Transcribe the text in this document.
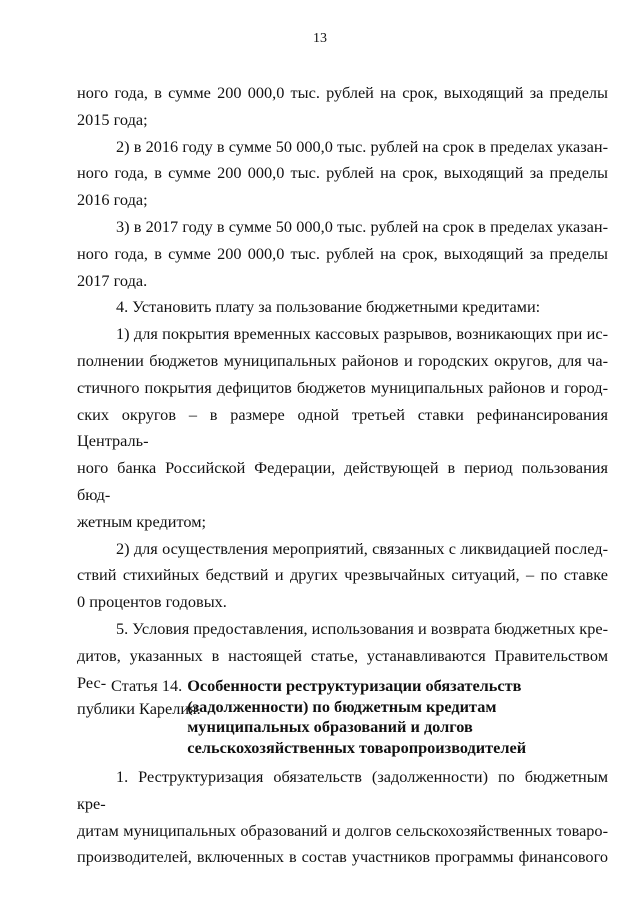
13
ного года, в сумме 200 000,0 тыс. рублей на срок, выходящий за пределы
2015 года;
2) в 2016 году в сумме 50 000,0 тыс. рублей на срок в пределах указан-
ного года, в сумме 200 000,0 тыс. рублей на срок, выходящий за пределы
2016 года;
3) в 2017 году в сумме 50 000,0 тыс. рублей на срок в пределах указан-
ного года, в сумме 200 000,0 тыс. рублей на срок, выходящий за пределы
2017 года.
4. Установить плату за пользование бюджетными кредитами:
1) для покрытия временных кассовых разрывов, возникающих при ис-
полнении бюджетов муниципальных районов и городских округов, для ча-
стичного покрытия дефицитов бюджетов муниципальных районов и город-
ских округов – в размере одной третьей ставки рефинансирования Централь-
ного банка Российской Федерации, действующей в период пользования бюд-
жетным кредитом;
2) для осуществления мероприятий, связанных с ликвидацией послед-
ствий стихийных бедствий и других чрезвычайных ситуаций, – по ставке
0 процентов годовых.
5. Условия предоставления, использования и возврата бюджетных кре-
дитов, указанных в настоящей статье, устанавливаются Правительством Рес-
публики Карелия.
Статья 14. Особенности реструктуризации обязательств
(задолженности) по бюджетным кредитам
муниципальных образований и долгов
сельскохозяйственных товаропроизводителей
1. Реструктуризация обязательств (задолженности) по бюджетным кре-
дитам муниципальных образований и долгов сельскохозяйственных товаро-
производителей, включенных в состав участников программы финансового
